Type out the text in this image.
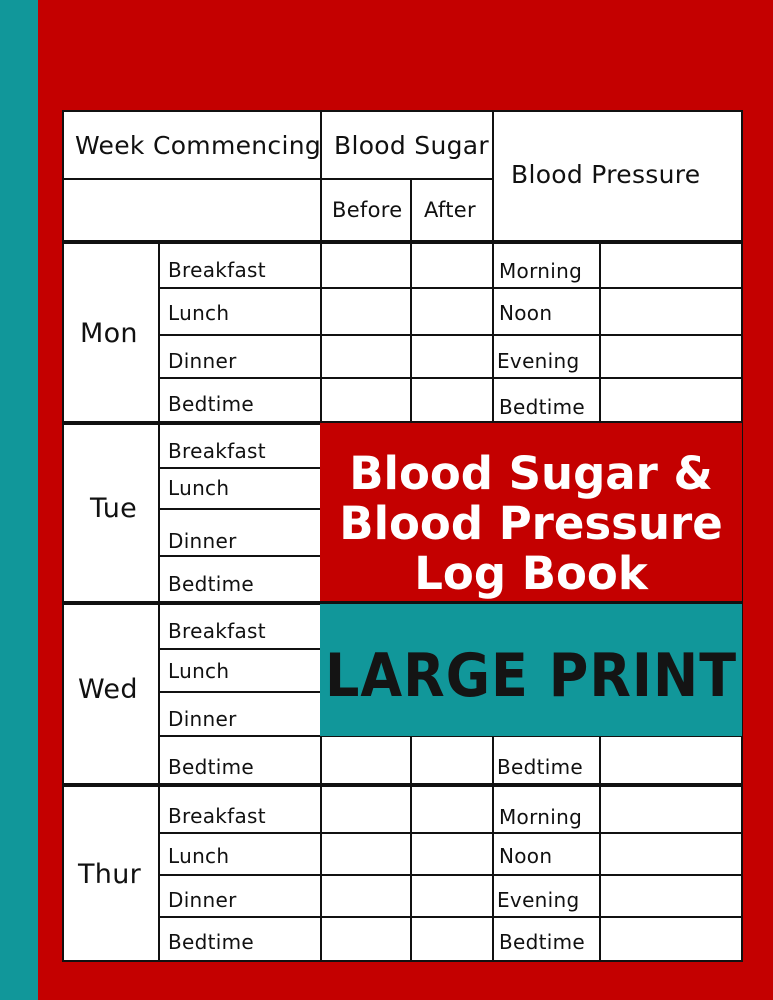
Week Commencing Blood Sugar
Blood Pressure
Before After
Mon
Tue
Wed
Thur
Breakfast
Lunch
Dinner
Bedtime
Morning
Noon
Evening
Bedtime
Breakfast
Lunch
Dinner
Bedtime
Breakfast
Lunch
Dinner
Bedtime	Bedtime
Breakfast
Lunch
Dinner
Bedtime
Morning
Noon
Evening
Bedtime
Blood Sugar &
Blood Pressure
Log Book
LARGE PRINT
